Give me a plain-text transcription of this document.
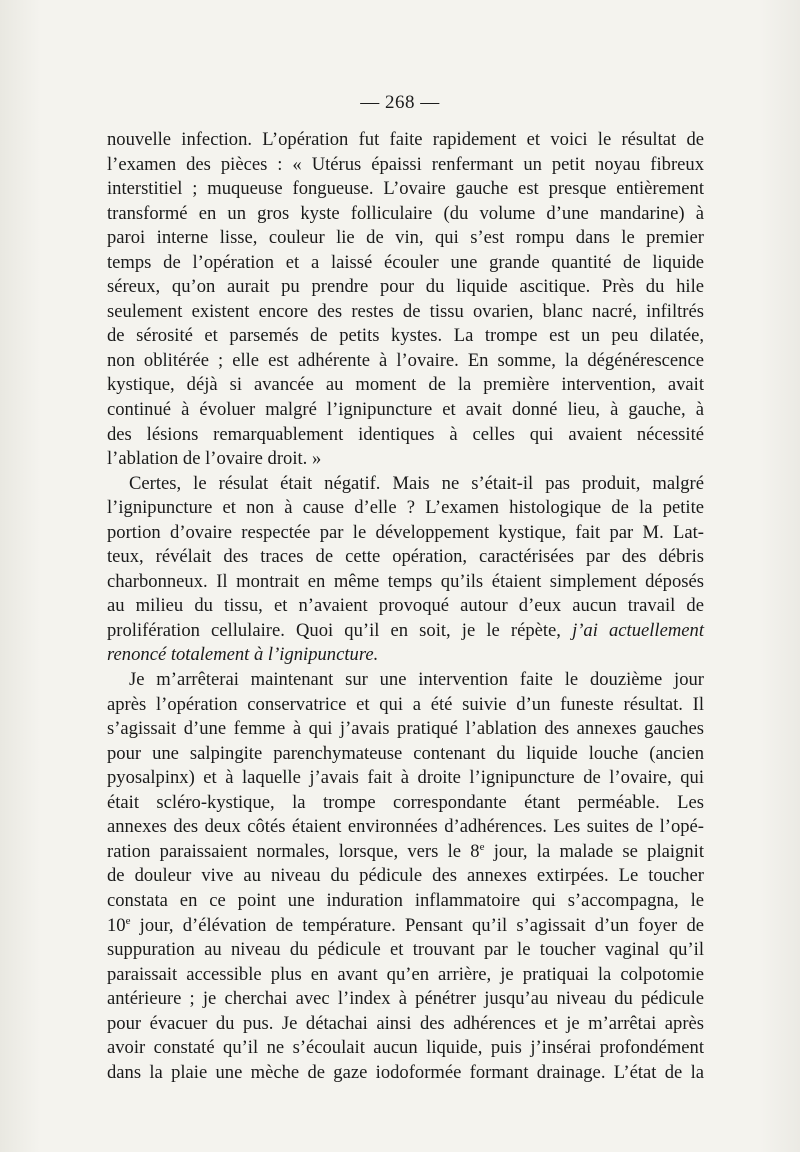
— 268 —
nouvelle infection. L’opération fut faite rapidement et voici le résultat de
l’examen des pièces : « Utérus épaissi renfermant un petit noyau fibreux
interstitiel ; muqueuse fongueuse. L’ovaire gauche est presque entièrement
transformé en un gros kyste folliculaire (du volume d’une mandarine) à
paroi interne lisse, couleur lie de vin, qui s’est rompu dans le premier
temps de l’opération et a laissé écouler une grande quantité de liquide
séreux, qu’on aurait pu prendre pour du liquide ascitique. Près du hile
seulement existent encore des restes de tissu ovarien, blanc nacré, infiltrés
de sérosité et parsemés de petits kystes. La trompe est un peu dilatée,
non oblitérée ; elle est adhérente à l’ovaire. En somme, la dégénérescence
kystique, déjà si avancée au moment de la première intervention, avait
continué à évoluer malgré l’ignipuncture et avait donné lieu, à gauche, à
des lésions remarquablement identiques à celles qui avaient nécessité
l’ablation de l’ovaire droit. »
Certes, le résulat était négatif. Mais ne s’était-il pas produit, malgré
l’ignipuncture et non à cause d’elle ? L’examen histologique de la petite
portion d’ovaire respectée par le développement kystique, fait par M. Lat-
teux, révélait des traces de cette opération, caractérisées par des débris
charbonneux. Il montrait en même temps qu’ils étaient simplement déposés
au milieu du tissu, et n’avaient provoqué autour d’eux aucun travail de
prolifération cellulaire. Quoi qu’il en soit, je le répète, j’ai actuellement
renoncé totalement à l’ignipuncture.
Je m’arrêterai maintenant sur une intervention faite le douzième jour
après l’opération conservatrice et qui a été suivie d’un funeste résultat. Il
s’agissait d’une femme à qui j’avais pratiqué l’ablation des annexes gauches
pour une salpingite parenchymateuse contenant du liquide louche (ancien
pyosalpinx) et à laquelle j’avais fait à droite l’ignipuncture de l’ovaire, qui
était scléro-kystique, la trompe correspondante étant perméable. Les
annexes des deux côtés étaient environnées d’adhérences. Les suites de l’opé-
ration paraissaient normales, lorsque, vers le 8e jour, la malade se plaignit
de douleur vive au niveau du pédicule des annexes extirpées. Le toucher
constata en ce point une induration inflammatoire qui s’accompagna, le
10e jour, d’élévation de température. Pensant qu’il s’agissait d’un foyer de
suppuration au niveau du pédicule et trouvant par le toucher vaginal qu’il
paraissait accessible plus en avant qu’en arrière, je pratiquai la colpotomie
antérieure ; je cherchai avec l’index à pénétrer jusqu’au niveau du pédicule
pour évacuer du pus. Je détachai ainsi des adhérences et je m’arrêtai après
avoir constaté qu’il ne s’écoulait aucun liquide, puis j’insérai profondément
dans la plaie une mèche de gaze iodoformée formant drainage. L’état de la
